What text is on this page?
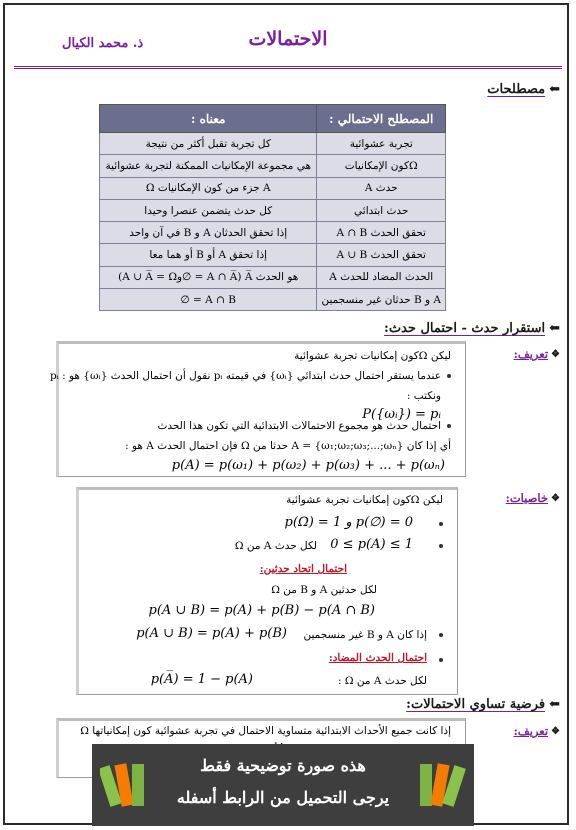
الاحتمالات
ذ. محمد الكيال
⬅
مصطلحات
المصطلح الاحتمالي :	معناه :
تجربة عشوائية	كل تجربة تقبل أكثر من نتيجة
Ωكون الإمكانيات	هي مجموعة الإمكانيات الممكنة لتجربة عشوائية
حدث A	A جزء من كون الإمكانيات Ω
حدث ابتدائي	كل حدث يتضمن عنصرا وحيدا
تحقق الحدث A ∩ B	إذا تحقق الحدثان A و B في آن واحد
تحقق الحدث A ∪ B	إذا تحقق A أو B أو هما معا
الحدث المضاد للحدث A	هو الحدث A̅ (A ∩ A̅ = ∅وA ∪ A̅ = Ω)
A و B حدثان غير منسجمين	A ∩ B = ∅
⬅
استقرار حدث - احتمال حدث:
❖
تعريف:
ليكن Ωكون إمكانيات تجربة عشوائية
عندما يستقر احتمال حدث ابتدائي {ωᵢ} في قيمته pᵢ نقول أن احتمال الحدث {ωᵢ} هو : pᵢ
ونكتب :
P({ωᵢ}) = pᵢ
احتمال حدث هو مجموع الاحتمالات الابتدائية التي تكون هذا الحدث
أي إذا كان A = {ω₁;ω₂;ω₃;...;ωₙ} حدثا من Ω فإن احتمال الحدث A هو :
p(A) = p(ω₁) + p(ω₂) + p(ω₃) + ... + p(ωₙ)
❖
خاصيات:
ليكن Ωكون إمكانيات تجربة عشوائية
p(Ω) = 1 و p(∅) = 0
0 ≤ p(A) ≤ 1
لكل حدث A من Ω
احتمال اتحاد حدثين:
لكل حدثين A و B من Ω
p(A ∪ B) = p(A) + p(B) − p(A ∩ B)
إذا كان A و B غير منسجمين
p(A ∪ B) = p(A) + p(B)
احتمال الحدث المضاد:
لكل حدث A من Ω :
p(A̅) = 1 − p(A)
⬅
فرضية تساوي الاحتمالات:
❖
تعريف:
إذا كانت جميع الأحداث الابتدائية متساوية الاحتمال في تجربة عشوائية كون إمكانياتها Ω
هذه صورة توضيحية فقط
يرجى التحميل من الرابط أسفله
